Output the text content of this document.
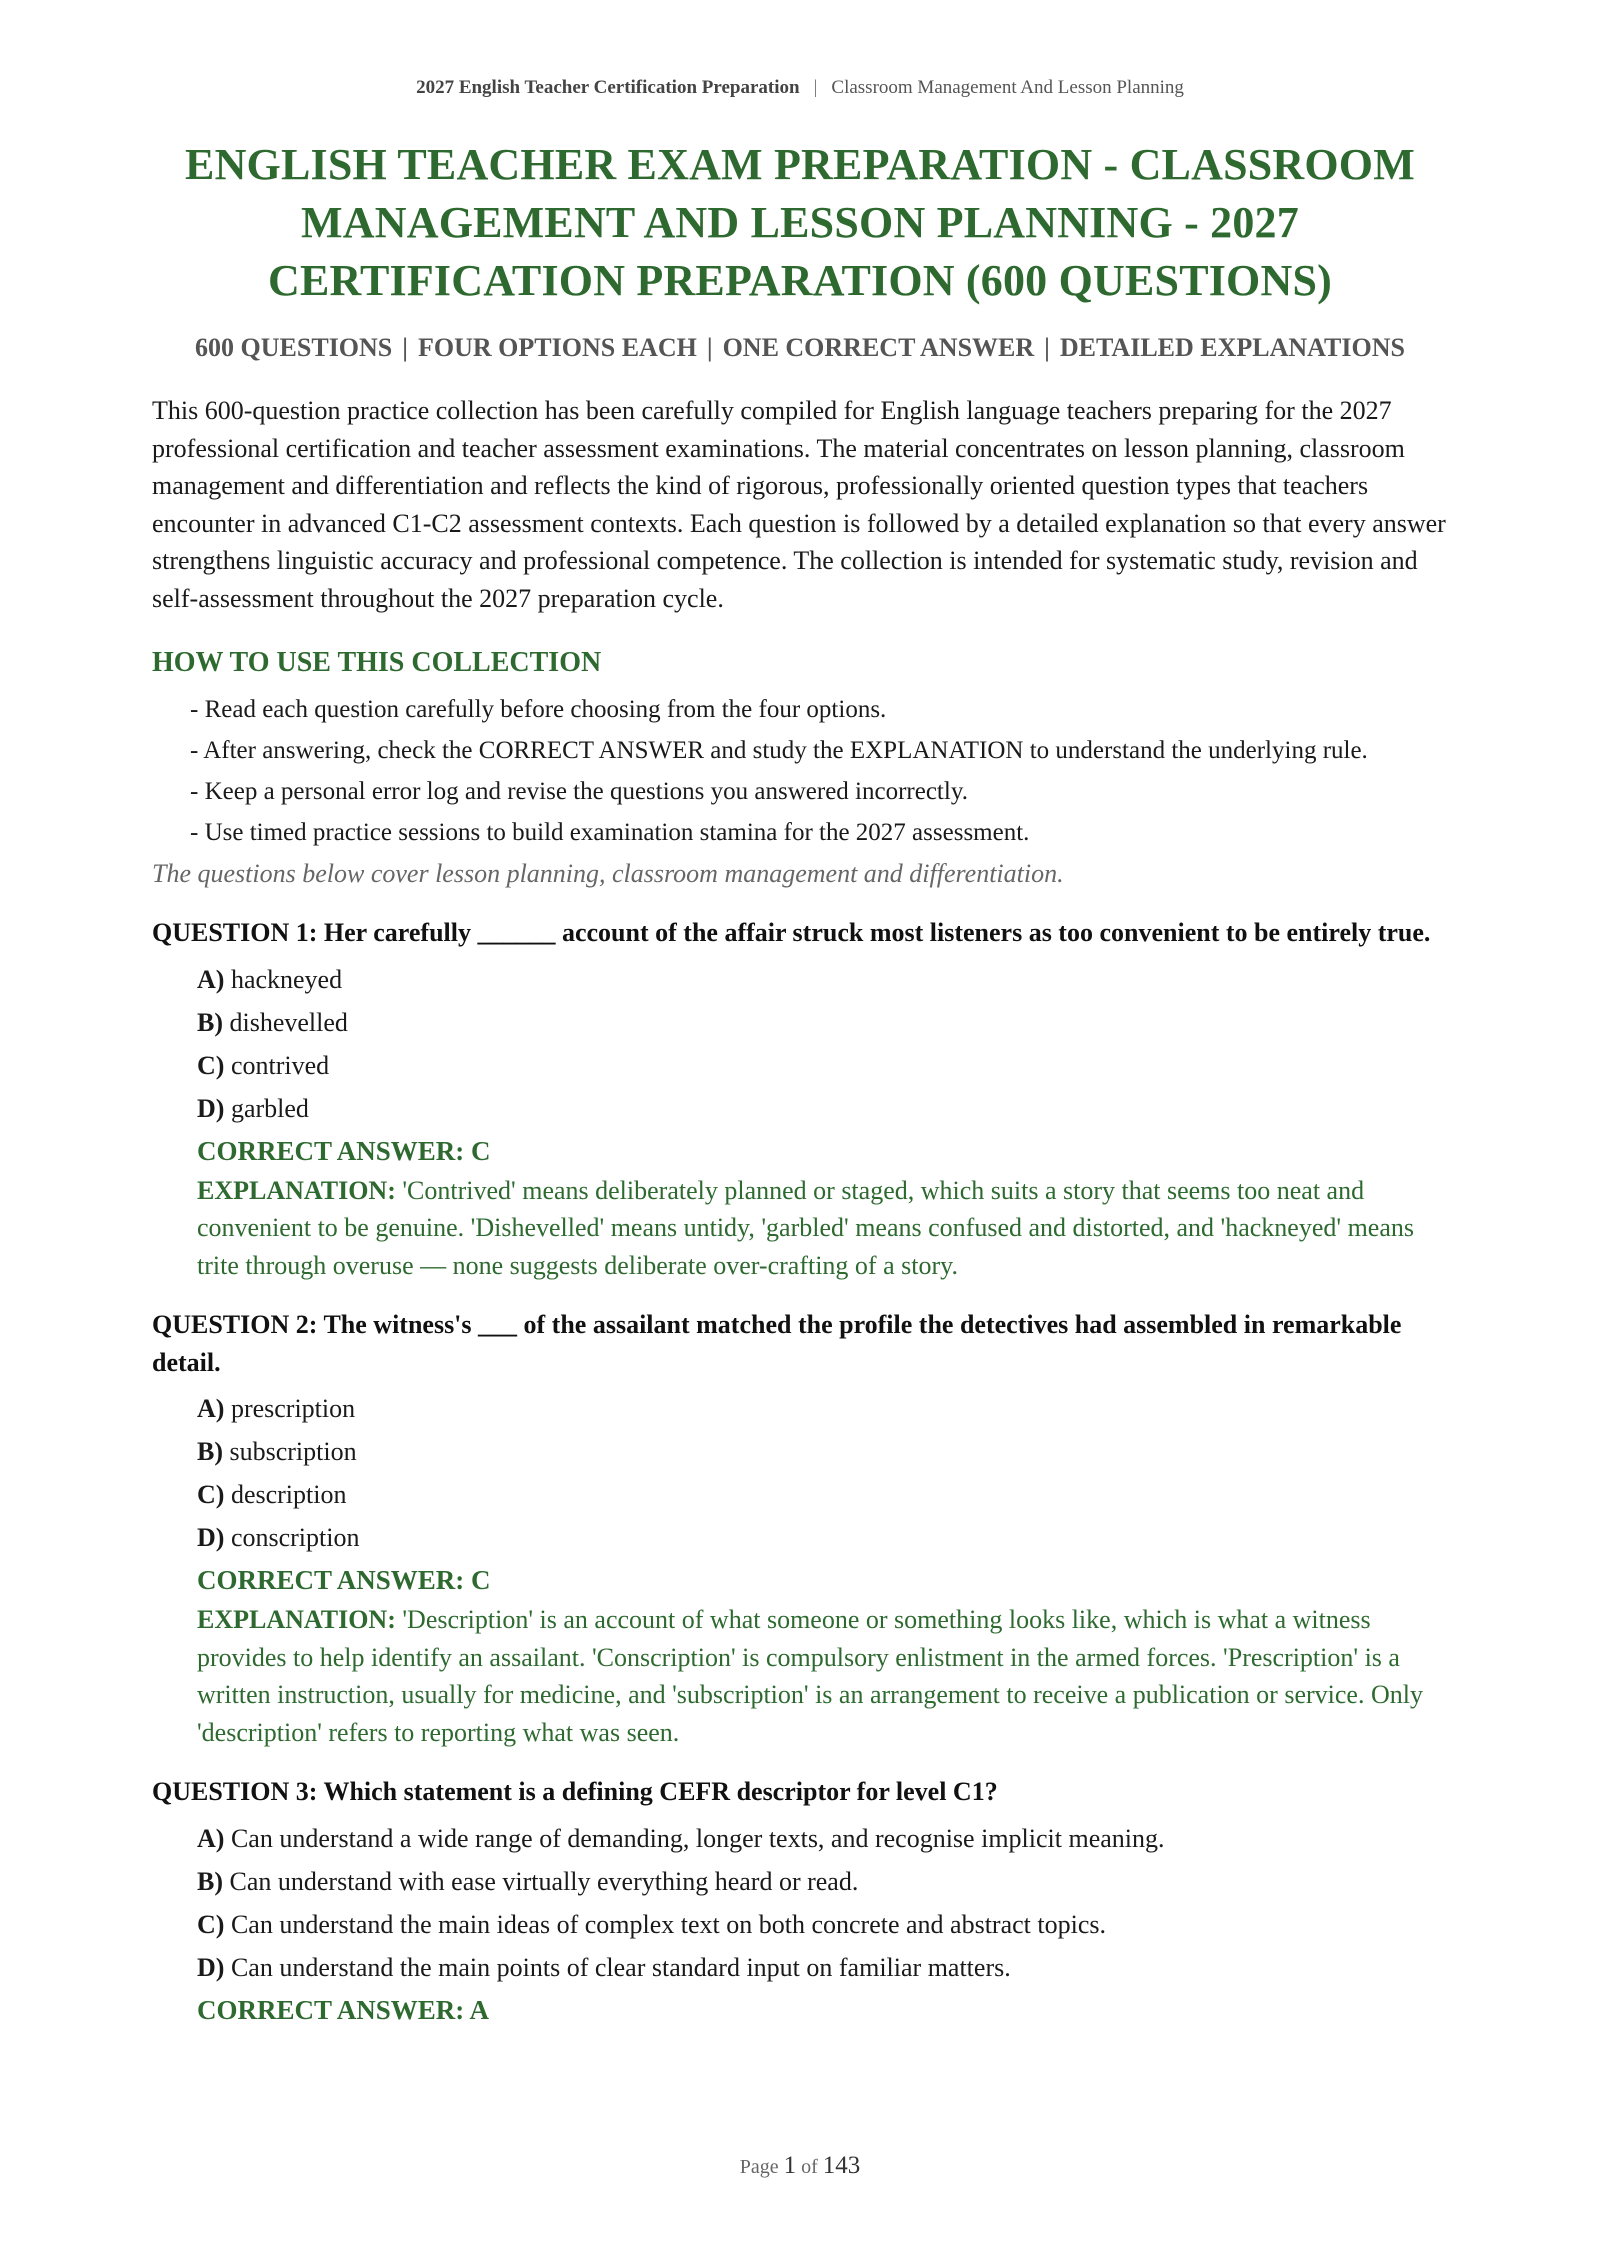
2027 English Teacher Certification Preparation | Classroom Management And Lesson Planning
ENGLISH TEACHER EXAM PREPARATION - CLASSROOM MANAGEMENT AND LESSON PLANNING - 2027 CERTIFICATION PREPARATION (600 QUESTIONS)
600 QUESTIONS | FOUR OPTIONS EACH | ONE CORRECT ANSWER | DETAILED EXPLANATIONS

This 600-question practice collection has been carefully compiled for English language teachers preparing for the 2027 professional certification and teacher assessment examinations. The material concentrates on lesson planning, classroom management and differentiation and reflects the kind of rigorous, professionally oriented question types that teachers encounter in advanced C1-C2 assessment contexts. Each question is followed by a detailed explanation so that every answer strengthens linguistic accuracy and professional competence. The collection is intended for systematic study, revision and self-assessment throughout the 2027 preparation cycle.

HOW TO USE THIS COLLECTION
- Read each question carefully before choosing from the four options.
- After answering, check the CORRECT ANSWER and study the EXPLANATION to understand the underlying rule.
- Keep a personal error log and revise the questions you answered incorrectly.
- Use timed practice sessions to build examination stamina for the 2027 assessment.
The questions below cover lesson planning, classroom management and differentiation.
QUESTION 1: Her carefully ______ account of the affair struck most listeners as too convenient to be entirely true.
A) hackneyed
B) dishevelled
C) contrived
D) garbled
CORRECT ANSWER: C
EXPLANATION: 'Contrived' means deliberately planned or staged, which suits a story that seems too neat and convenient to be genuine. 'Dishevelled' means untidy, 'garbled' means confused and distorted, and 'hackneyed' means trite through overuse — none suggests deliberate over-crafting of a story.
QUESTION 2: The witness's ___ of the assailant matched the profile the detectives had assembled in remarkable detail.
A) prescription
B) subscription
C) description
D) conscription
CORRECT ANSWER: C
EXPLANATION: 'Description' is an account of what someone or something looks like, which is what a witness provides to help identify an assailant. 'Conscription' is compulsory enlistment in the armed forces. 'Prescription' is a written instruction, usually for medicine, and 'subscription' is an arrangement to receive a publication or service. Only 'description' refers to reporting what was seen.
QUESTION 3: Which statement is a defining CEFR descriptor for level C1?
A) Can understand a wide range of demanding, longer texts, and recognise implicit meaning.
B) Can understand with ease virtually everything heard or read.
C) Can understand the main ideas of complex text on both concrete and abstract topics.
D) Can understand the main points of clear standard input on familiar matters.
CORRECT ANSWER: A
Page 1 of 143
